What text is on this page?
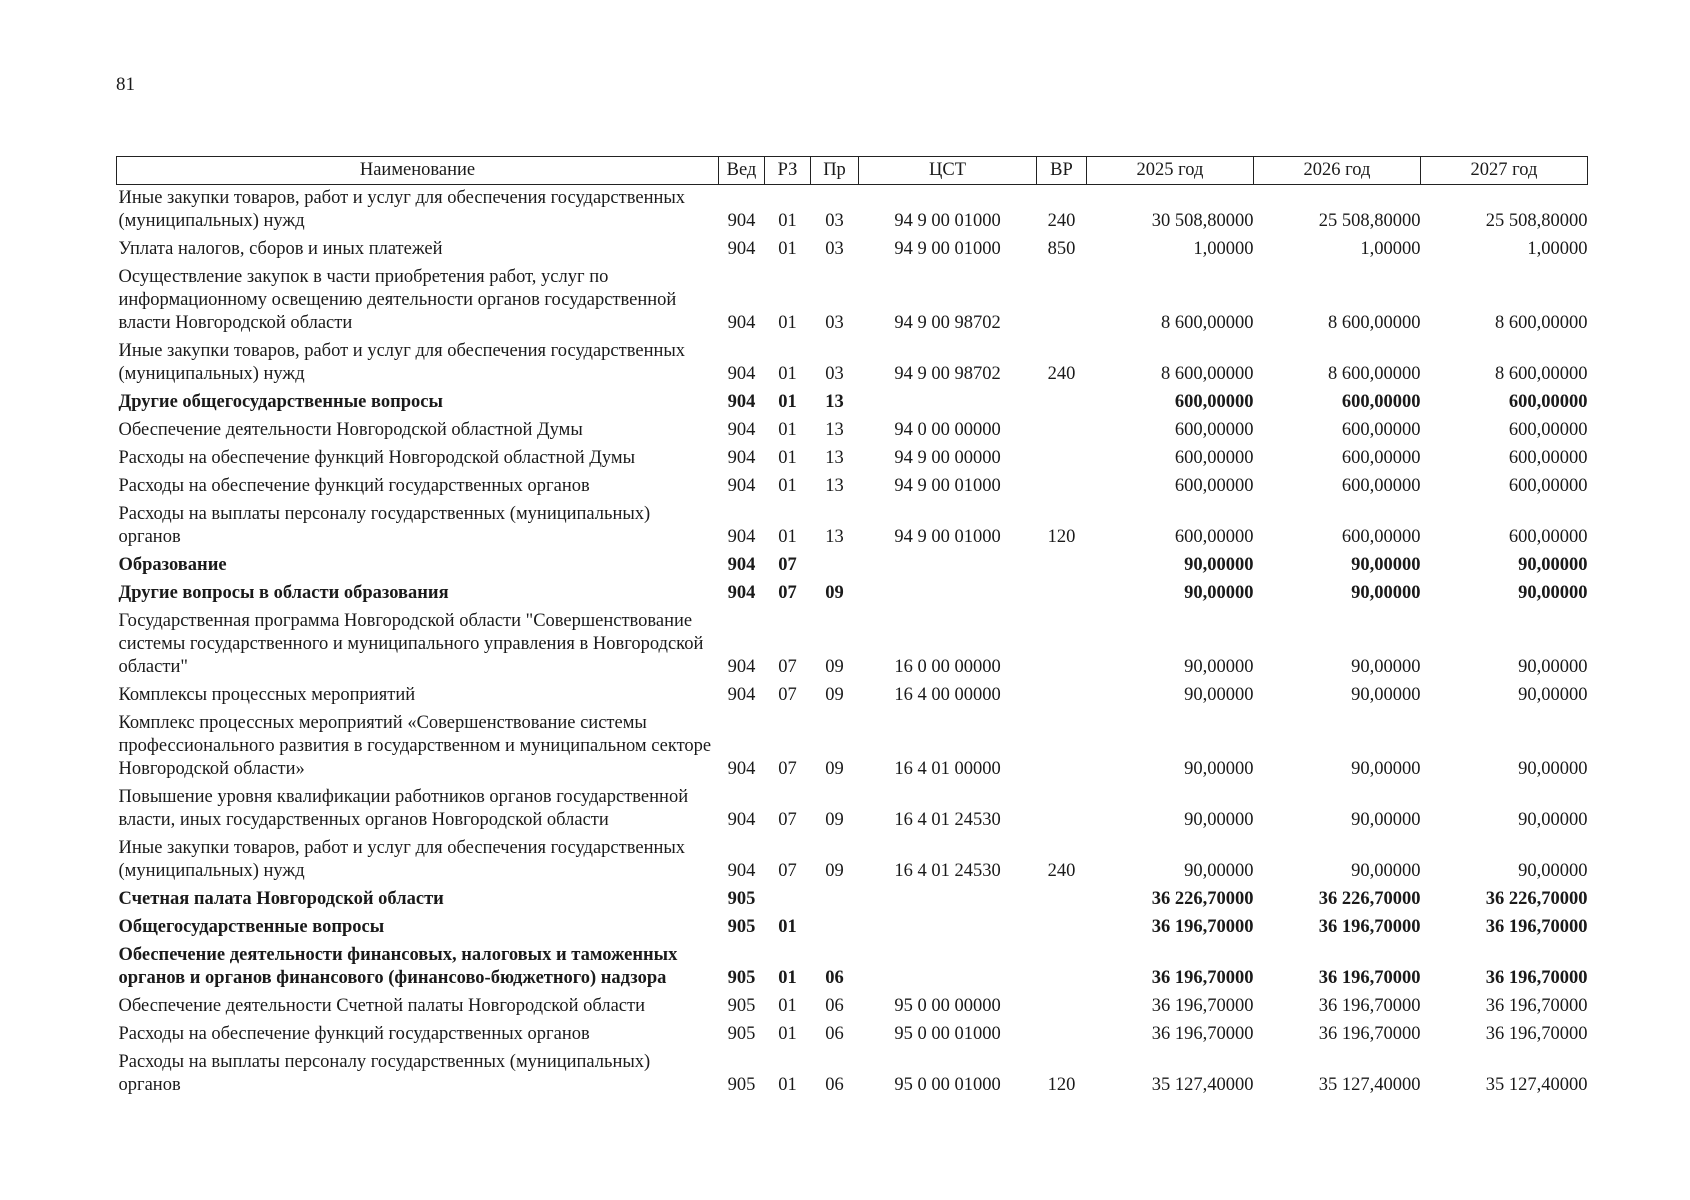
81
Наименование	Вед	РЗ	Пр	ЦСТ	ВР	2025 год	2026 год	2027 год
Иные закупки товаров, работ и услуг для обеспечения государственных (муниципальных) нужд	904	01	03	94 9 00 01000	240	30 508,80000	25 508,80000	25 508,80000
Уплата налогов, сборов и иных платежей	904	01	03	94 9 00 01000	850	1,00000	1,00000	1,00000
Осуществление закупок в части приобретения работ, услуг по информационному освещению деятельности органов государственной власти Новгородской области	904	01	03	94 9 00 98702		8 600,00000	8 600,00000	8 600,00000
Иные закупки товаров, работ и услуг для обеспечения государственных (муниципальных) нужд	904	01	03	94 9 00 98702	240	8 600,00000	8 600,00000	8 600,00000
Другие общегосударственные вопросы	904	01	13			600,00000	600,00000	600,00000
Обеспечение деятельности Новгородской областной Думы	904	01	13	94 0 00 00000		600,00000	600,00000	600,00000
Расходы на обеспечение функций Новгородской областной Думы	904	01	13	94 9 00 00000		600,00000	600,00000	600,00000
Расходы на обеспечение функций государственных органов	904	01	13	94 9 00 01000		600,00000	600,00000	600,00000
Расходы на выплаты персоналу государственных (муниципальных) органов	904	01	13	94 9 00 01000	120	600,00000	600,00000	600,00000
Образование	904	07				90,00000	90,00000	90,00000
Другие вопросы в области образования	904	07	09			90,00000	90,00000	90,00000
Государственная программа Новгородской области "Совершенствование системы государственного и муниципального управления в Новгородской области"	904	07	09	16 0 00 00000		90,00000	90,00000	90,00000
Комплексы процессных мероприятий	904	07	09	16 4 00 00000		90,00000	90,00000	90,00000
Комплекс процессных мероприятий «Совершенствование системы профессионального развития в государственном и муниципальном секторе Новгородской области»	904	07	09	16 4 01 00000		90,00000	90,00000	90,00000
Повышение уровня квалификации работников органов государственной власти, иных государственных органов Новгородской области	904	07	09	16 4 01 24530		90,00000	90,00000	90,00000
Иные закупки товаров, работ и услуг для обеспечения государственных (муниципальных) нужд	904	07	09	16 4 01 24530	240	90,00000	90,00000	90,00000
Счетная палата Новгородской области	905					36 226,70000	36 226,70000	36 226,70000
Общегосударственные вопросы	905	01				36 196,70000	36 196,70000	36 196,70000
Обеспечение деятельности финансовых, налоговых и таможенных органов и органов финансового (финансово-бюджетного) надзора	905	01	06			36 196,70000	36 196,70000	36 196,70000
Обеспечение деятельности Счетной палаты Новгородской области	905	01	06	95 0 00 00000		36 196,70000	36 196,70000	36 196,70000
Расходы на обеспечение функций государственных органов	905	01	06	95 0 00 01000		36 196,70000	36 196,70000	36 196,70000
Расходы на выплаты персоналу государственных (муниципальных) органов	905	01	06	95 0 00 01000	120	35 127,40000	35 127,40000	35 127,40000
